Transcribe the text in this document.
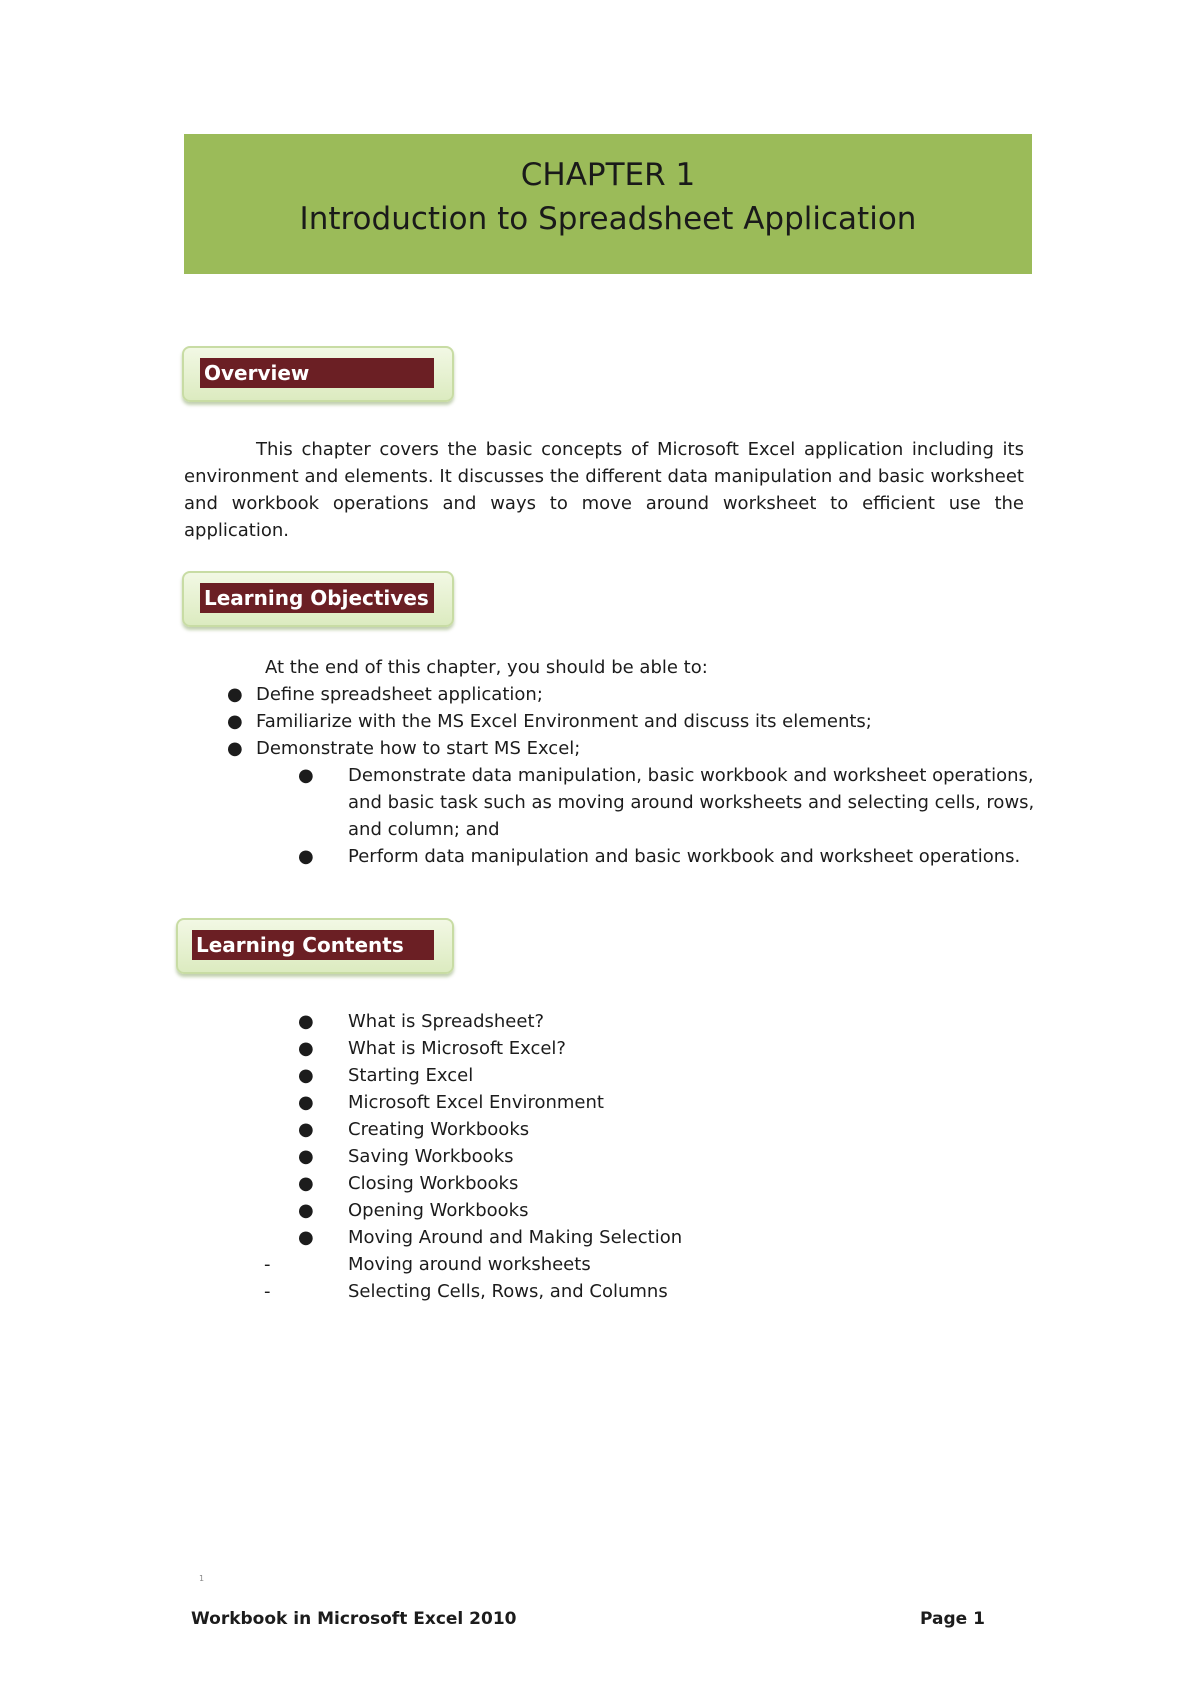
CHAPTER 1
Introduction to Spreadsheet Application
Overview

This chapter covers the basic concepts of Microsoft Excel application including its environment and elements. It discusses the different data manipulation and basic worksheet and workbook operations and ways to move around worksheet to efficient use the application.

Learning Objectives
At the end of this chapter, you should be able to:
● Define spreadsheet application;
● Familiarize with the MS Excel Environment and discuss its elements;
● Demonstrate how to start MS Excel;
●	Demonstrate data manipulation, basic workbook and worksheet operations, and basic task such as moving around worksheets and selecting cells, rows, and column; and
●	Perform data manipulation and basic workbook and worksheet operations.
Learning Contents
●	What is Spreadsheet?
●	What is Microsoft Excel?
●	Starting Excel
●	Microsoft Excel Environment
●	Creating Workbooks
●	Saving Workbooks
●	Closing Workbooks
●	Opening Workbooks
●	Moving Around and Making Selection
-	Moving around worksheets
-	Selecting Cells, Rows, and Columns
1
Workbook in Microsoft Excel 2010	Page 1
